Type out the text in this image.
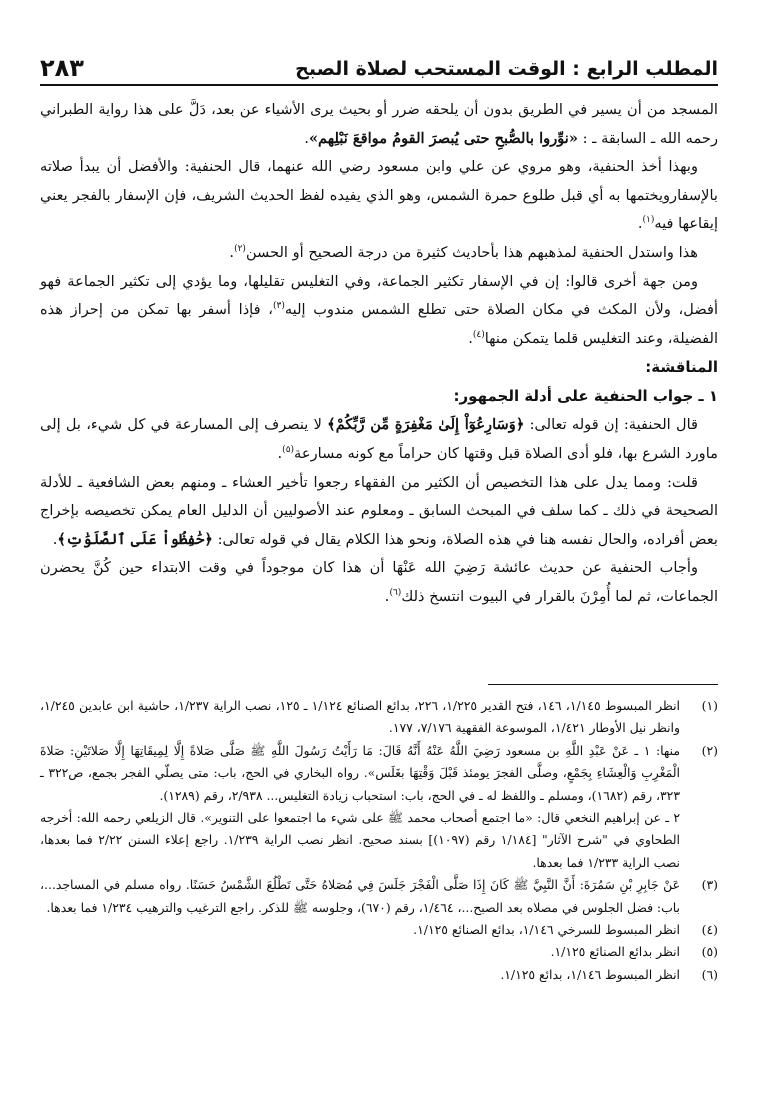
المطلب الرابع : الوقت المستحب لصلاة الصبح
٢٨٣

المسجد من أن يسير في الطريق بدون أن يلحقه ضرر أو بحيث يرى الأشياء عن بعد، دَلَّ على هذا رواية الطبراني رحمه الله ـ السابقة ـ : «نوِّروا بالصُّبحِ حتى يُبصرَ القومُ مواقعَ نَبْلِهم».

وبهذا أخذ الحنفية، وهو مروي عن علي وابن مسعود رضي الله عنهما، قال الحنفية: والأفضل أن يبدأ صلاته بالإسفارويختمها به أي قبل طلوع حمرة الشمس، وهو الذي يفيده لفظ الحديث الشريف، فإن الإسفار بالفجر يعني إيقاعها فيه$^{(١)}$.

هذا واستدل الحنفية لمذهبهم هذا بأحاديث كثيرة من درجة الصحيح أو الحسن$^{(٢)}$.

ومن جهة أخرى قالوا: إن في الإسفار تكثير الجماعة، وفي التغليس تقليلها، وما يؤدي إلى تكثير الجماعة فهو أفضل، ولأن المكث في مكان الصلاة حتى تطلع الشمس مندوب إليه$^{(٣)}$، فإذا أسفر بها تمكن من إحراز هذه الفضيلة، وعند التغليس قلما يتمكن منها$^{(٤)}$.

المناقشة:

١ ـ جواب الحنفية على أدلة الجمهور:

قال الحنفية: إن قوله تعالى: ﴿وَسَارِعُوٓاْ إِلَىٰ مَغْفِرَةٍ مِّن رَّبِّكُمْ﴾ لا ينصرف إلى المسارعة في كل شيء، بل إلى ماورد الشرع بها، فلو أدى الصلاة قبل وقتها كان حراماً مع كونه مسارعة$^{(٥)}$.

قلت: ومما يدل على هذا التخصيص أن الكثير من الفقهاء رجعوا تأخير العشاء ـ ومنهم بعض الشافعية ـ للأدلة الصحيحة في ذلك ـ كما سلف في المبحث السابق ـ ومعلوم عند الأصوليين أن الدليل العام يمكن تخصيصه بإخراج بعض أفراده، والحال نفسه هنا في هذه الصلاة، ونحو هذا الكلام يقال في قوله تعالى: ﴿حَٰفِظُواْ عَلَى ٱلصَّلَوَٰتِ﴾.

وأجاب الحنفية عن حديث عائشة رَضِيَ الله عَنْهَا أن هذا كان موجوداً في وقت الابتداء حين كُنَّ يحضرن الجماعات، ثم لما أُمِرْنَ بالقرار في البيوت انتسخ ذلك$^{(٦)}$.

(١)
انظر المبسوط ١/١٤٥، ١٤٦، فتح القدير ١/٢٢٥، ٢٢٦، بدائع الصنائع ١/١٢٤ ـ ١٢٥، نصب الراية ١/٢٣٧، حاشية ابن عابدين ١/٢٤٥، وانظر نيل الأوطار ١/٤٢١، الموسوعة الفقهية ٧/١٧٦، ١٧٧.
(٢)
منها: ١ ـ عَنْ عَبْدِ اللَّهِ بن مسعود رَضِيَ اللَّهُ عَنْهُ أَنَّهُ قَالَ: مَا رَأَيْتُ رَسُولَ اللَّهِ ﷺ صَلَّى صَلاةً إِلَّا لِمِيقَاتِهَا إِلَّا صَلاتَيْنِ: صَلاةَ الْمَغْرِبِ وَالْعِشَاءِ بِجَمْعٍ، وصلَّى الفجرَ يومئذ قَبْلَ وَقْتِهَا بغَلَس». رواه البخاري في الحج، باب: متى يصلّي الفجر بجمع، ص٣٢٢ ـ ٣٢٣، رقم (١٦٨٢)، ومسلم ـ واللفظ له ـ في الحج، باب: استحباب زيادة التغليس... ٢/٩٣٨، رقم (١٢٨٩).

٢ ـ عن إبراهيم النخعي قال: «ما اجتمع أصحاب محمد ﷺ على شيء ما اجتمعوا على التنوير». قال الزيلعي رحمه الله: أخرجه الطحاوي في "شرح الآثار" [١/١٨٤ رقم (١٠٩٧)] بسند صحيح. انظر نصب الراية ١/٢٣٩. راجع إعلاء السنن ٢/٢٢ فما بعدها، نصب الراية ١/٢٣٣ فما بعدها.

(٣)
عَنْ جَابِرِ بْنِ سَمُرَةَ: أَنَّ النَّبِيَّ ﷺ كَانَ إِذَا صَلَّى الْفَجْرَ جَلَسَ فِي مُصَلاهُ حَتَّى تَطْلُعَ الشَّمْسُ حَسَنًا. رواه مسلم في المساجد...، باب: فضل الجلوس في مصلاه بعد الصبح...، ١/٤٦٤، رقم (٦٧٠)، وجلوسه ﷺ للذكر. راجع الترغيب والترهيب ١/٢٣٤ فما بعدها.
(٤)
انظر المبسوط للسرخي ١/١٤٦، بدائع الصنائع ١/١٢٥.
(٥)
انظر بدائع الصنائع ١/١٢٥.
(٦)
انظر المبسوط ١/١٤٦، بدائع ١/١٢٥.
